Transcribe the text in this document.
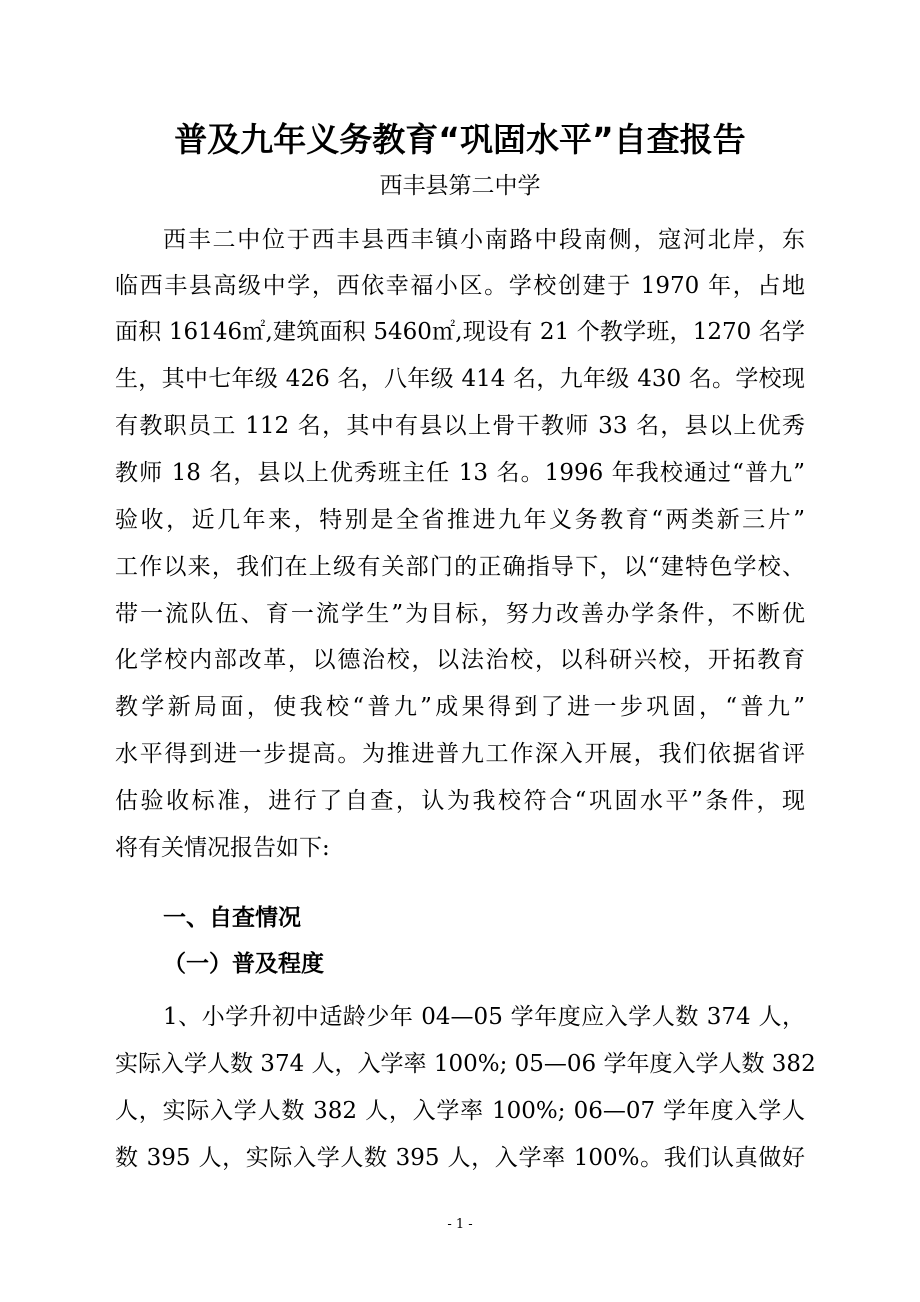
普及九年义务教育“巩固水平”自查报告
西丰县第二中学
西丰二中位于西丰县西丰镇小南路中段南侧，寇河北岸，东
临西丰县高级中学，西依幸福小区。学校创建于 1970 年，占地
面积 16146㎡,建筑面积 5460㎡,现设有 21 个教学班，1270 名学
生，其中七年级 426 名，八年级 414 名，九年级 430 名。学校现
有教职员工 112 名，其中有县以上骨干教师 33 名，县以上优秀
教师 18 名，县以上优秀班主任 13 名。1996 年我校通过“普九”
验收，近几年来，特别是全省推进九年义务教育“两类新三片”
工作以来，我们在上级有关部门的正确指导下，以“建特色学校、
带一流队伍、育一流学生”为目标，努力改善办学条件，不断优
化学校内部改革，以德治校，以法治校，以科研兴校，开拓教育
教学新局面，使我校“普九”成果得到了进一步巩固，“普九”
水平得到进一步提高。为推进普九工作深入开展，我们依据省评
估验收标准，进行了自查，认为我校符合“巩固水平”条件，现
将有关情况报告如下:
一、自查情况
（一）普及程度
1、小学升初中适龄少年 04—05 学年度应入学人数 374 人，
实际入学人数 374 人，入学率 100%; 05—06 学年度入学人数 382
人，实际入学人数 382 人，入学率 100%; 06—07 学年度入学人
数 395 人，实际入学人数 395 人，入学率 100%。我们认真做好
- 1 -
